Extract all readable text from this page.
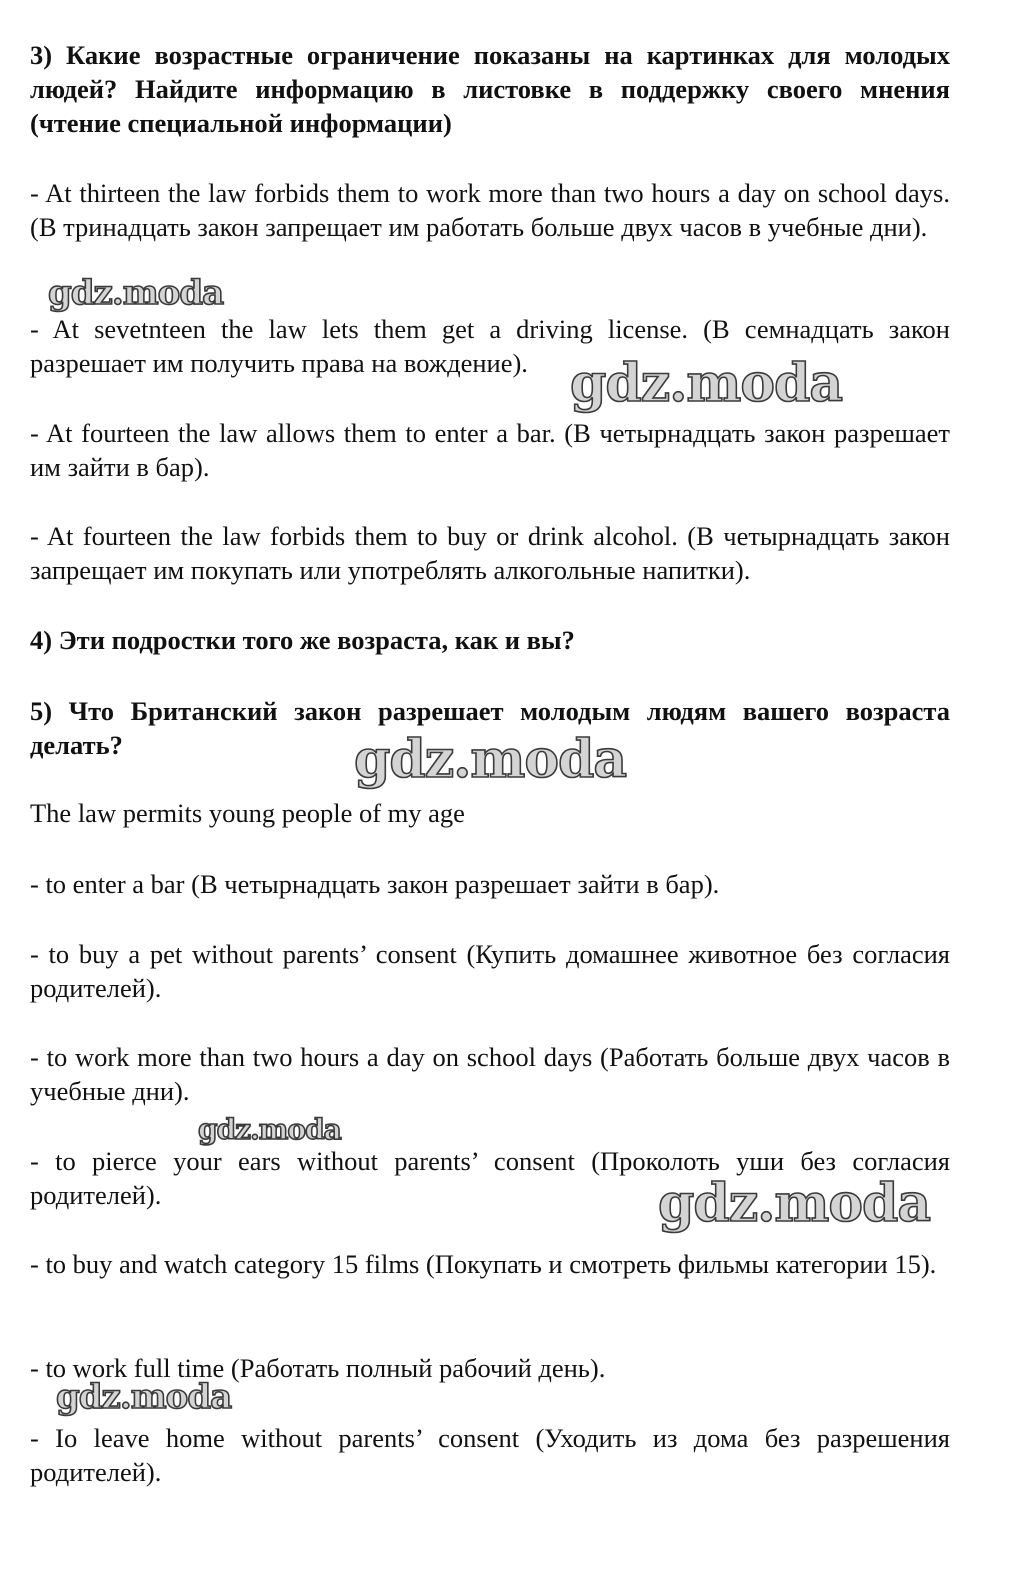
3) Какие возрастные ограничение показаны на картинках для молодых людей? Найдите информацию в листовке в поддержку своего мнения (чтение специальной информации)

- At thirteen the law forbids them to work more than two hours a day on school days. (В тринадцать закон запрещает им работать больше двух часов в учебные дни).

- At sevetnteen the law lets them get a driving license. (В семнадцать закон разрешает им получить права на вождение).

- At fourteen the law allows them to enter a bar. (В четырнадцать закон разрешает им зайти в бар).

- At fourteen the law forbids them to buy or drink alcohol. (В четырнадцать закон запрещает им покупать или употреблять алкогольные напитки).

4) Эти подростки того же возраста, как и вы?

5) Что Британский закон разрешает молодым людям вашего возраста делать?

The law permits young people of my age

- to enter a bar (В четырнадцать закон разрешает зайти в бар).

- to buy a pet without parents’ consent (Купить домашнее животное без согласия родителей).

- to work more than two hours a day on school days (Работать больше двух часов в учебные дни).

- to pierce your ears without parents’ consent (Проколоть уши без согласия родителей).

- to buy and watch category 15 films (Покупать и смотреть фильмы категории 15).

- to work full time (Работать полный рабочий день).

- Io leave home without parents’ consent (Уходить из дома без разрешения родителей).

gdz.moda
gdz.moda
gdz.moda
gdz.moda
gdz.moda
gdz.moda
